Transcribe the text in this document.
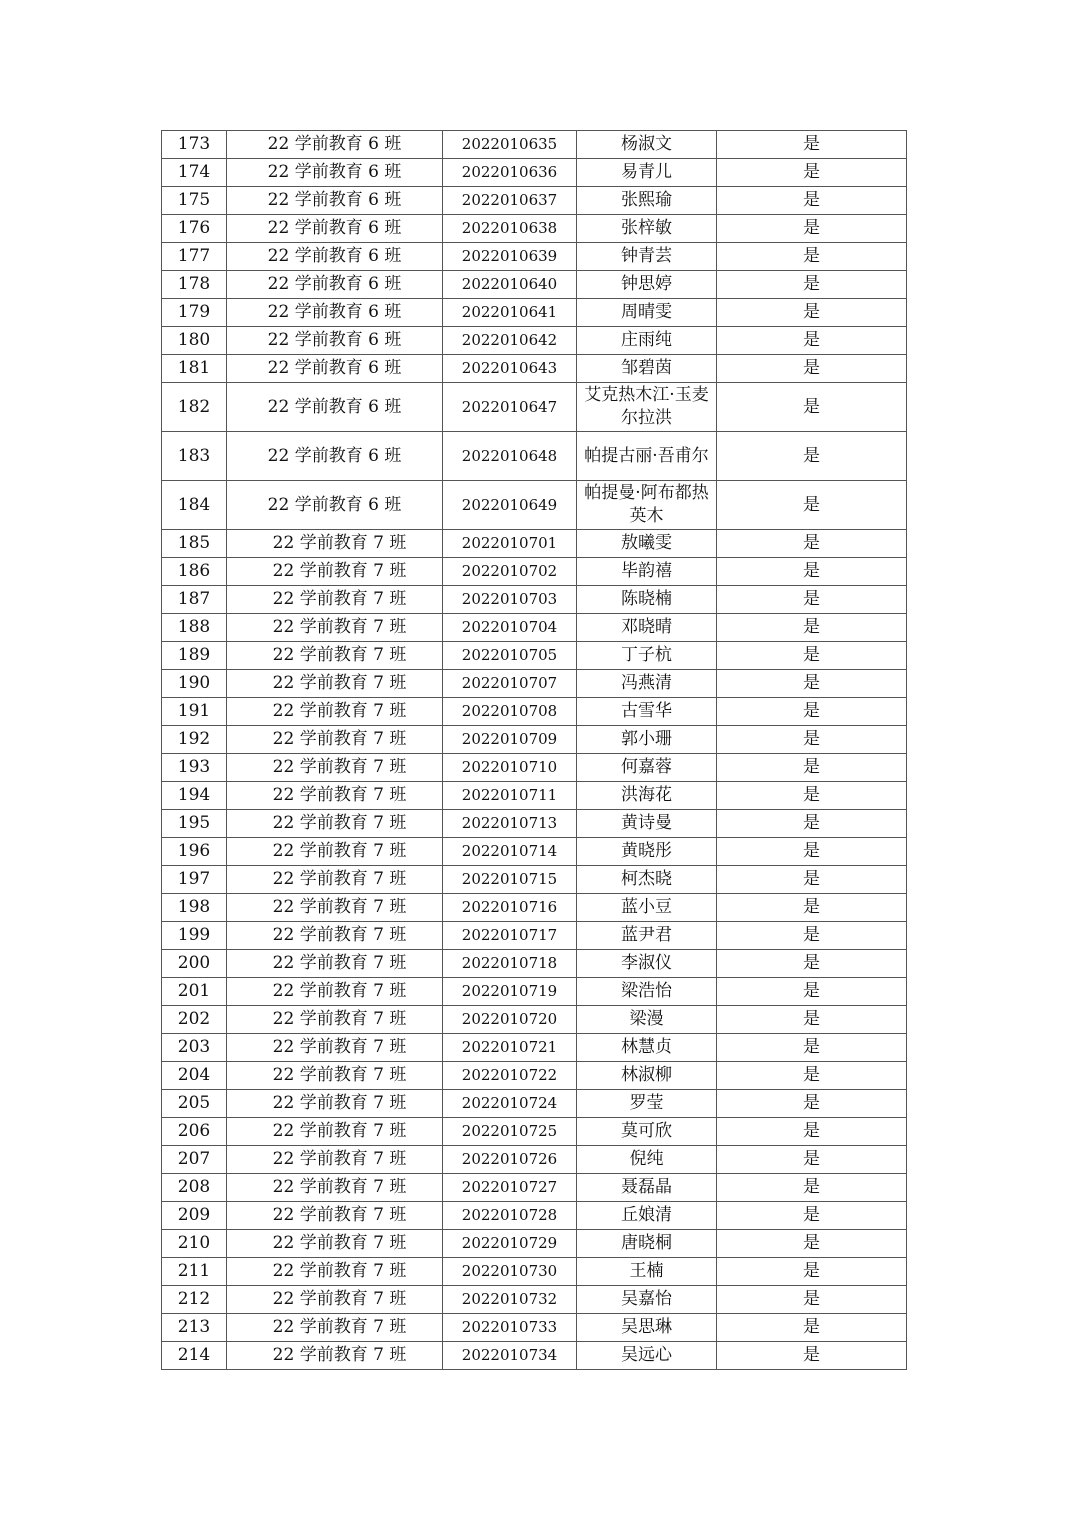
173	22 学前教育 6 班	2022010635	杨淑文	是
174	22 学前教育 6 班	2022010636	易青儿	是
175	22 学前教育 6 班	2022010637	张熙瑜	是
176	22 学前教育 6 班	2022010638	张梓敏	是
177	22 学前教育 6 班	2022010639	钟青芸	是
178	22 学前教育 6 班	2022010640	钟思婷	是
179	22 学前教育 6 班	2022010641	周晴雯	是
180	22 学前教育 6 班	2022010642	庄雨纯	是
181	22 学前教育 6 班	2022010643	邹碧茵	是
182	22 学前教育 6 班	2022010647	艾克热木江·玉麦尔拉洪	是
183	22 学前教育 6 班	2022010648	帕提古丽·吾甫尔	是
184	22 学前教育 6 班	2022010649	帕提曼·阿布都热英木	是
185	22 学前教育 7 班	2022010701	敖曦雯	是
186	22 学前教育 7 班	2022010702	毕韵禧	是
187	22 学前教育 7 班	2022010703	陈晓楠	是
188	22 学前教育 7 班	2022010704	邓晓晴	是
189	22 学前教育 7 班	2022010705	丁子杭	是
190	22 学前教育 7 班	2022010707	冯燕清	是
191	22 学前教育 7 班	2022010708	古雪华	是
192	22 学前教育 7 班	2022010709	郭小珊	是
193	22 学前教育 7 班	2022010710	何嘉蓉	是
194	22 学前教育 7 班	2022010711	洪海花	是
195	22 学前教育 7 班	2022010713	黄诗曼	是
196	22 学前教育 7 班	2022010714	黄晓彤	是
197	22 学前教育 7 班	2022010715	柯杰晓	是
198	22 学前教育 7 班	2022010716	蓝小豆	是
199	22 学前教育 7 班	2022010717	蓝尹君	是
200	22 学前教育 7 班	2022010718	李淑仪	是
201	22 学前教育 7 班	2022010719	梁浩怡	是
202	22 学前教育 7 班	2022010720	梁漫	是
203	22 学前教育 7 班	2022010721	林慧贞	是
204	22 学前教育 7 班	2022010722	林淑柳	是
205	22 学前教育 7 班	2022010724	罗莹	是
206	22 学前教育 7 班	2022010725	莫可欣	是
207	22 学前教育 7 班	2022010726	倪纯	是
208	22 学前教育 7 班	2022010727	聂磊晶	是
209	22 学前教育 7 班	2022010728	丘娘清	是
210	22 学前教育 7 班	2022010729	唐晓桐	是
211	22 学前教育 7 班	2022010730	王楠	是
212	22 学前教育 7 班	2022010732	吴嘉怡	是
213	22 学前教育 7 班	2022010733	吴思琳	是
214	22 学前教育 7 班	2022010734	吴远心	是
